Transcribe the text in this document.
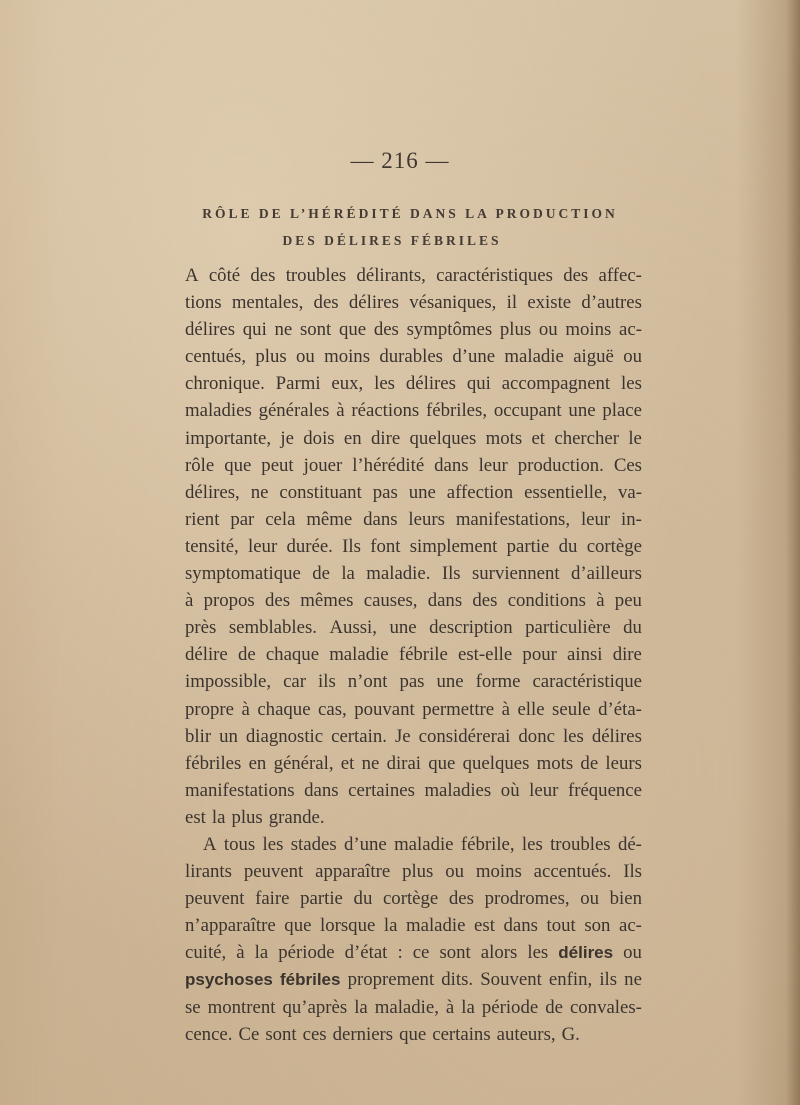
— 216 —
RÔLE DE L’HÉRÉDITÉ DANS LA PRODUCTION
DES DÉLIRES FÉBRILES
A côté des troubles délirants, caractéristiques des affec-
tions mentales, des délires vésaniques, il existe d’autres
délires qui ne sont que des symptômes plus ou moins ac-
centués, plus ou moins durables d’une maladie aiguë ou
chronique. Parmi eux, les délires qui accompagnent les
maladies générales à réactions fébriles, occupant une place
importante, je dois en dire quelques mots et chercher le
rôle que peut jouer l’hérédité dans leur production. Ces
délires, ne constituant pas une affection essentielle, va-
rient par cela même dans leurs manifestations, leur in-
tensité, leur durée. Ils font simplement partie du cortège
symptomatique de la maladie. Ils surviennent d’ailleurs
à propos des mêmes causes, dans des conditions à peu
près semblables. Aussi, une description particulière du
délire de chaque maladie fébrile est-elle pour ainsi dire
impossible, car ils n’ont pas une forme caractéristique
propre à chaque cas, pouvant permettre à elle seule d’éta-
blir un diagnostic certain. Je considérerai donc les délires
fébriles en général, et ne dirai que quelques mots de leurs
manifestations dans certaines maladies où leur fréquence
est la plus grande.
A tous les stades d’une maladie fébrile, les troubles dé-
lirants peuvent apparaître plus ou moins accentués. Ils
peuvent faire partie du cortège des prodromes, ou bien
n’apparaître que lorsque la maladie est dans tout son ac-
cuité, à la période d’état : ce sont alors les délires ou
psychoses fébriles proprement dits. Souvent enfin, ils ne
se montrent qu’après la maladie, à la période de convales-
cence. Ce sont ces derniers que certains auteurs, G.
